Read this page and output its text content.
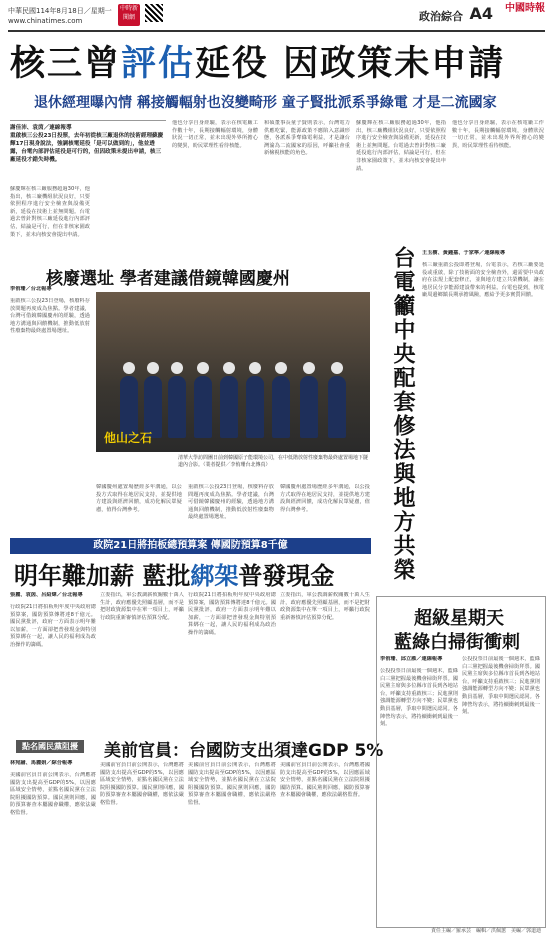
中華民國114年8月18日／星期一
www.chinatimes.com
中時新聞網	政治綜合 A4 中國時報
核三曾評估延役 因政策未申請
退休經理曝內情 稱接觸輻射也沒變畸形 童子賢批派系爭綠電 才是二流國家
謝佳沛、袁茵／連線報導
重啟核三公投23日投票，去年初從核三廠退休的技術經理蘇慶輝17日現身說法，強調核電延役「是可以做到的」，他並透露，台電內部評估延役是可行的，但因政策未提出申請，核三廠延役才錯失時機。
蘇慶輝在核三廠服務超過30年，他指出，核三廠機組狀況良好，只要依照程序進行安全檢查與設備更新，延役在技術上並無問題。台電過去曾針對核三廠延役進行內部評估，結論是可行，但在非核家園政策下，並未向核安會提出申請。
他也分享自身經驗，表示在核電廠工作數十年，長期接觸輻射環境，身體狀況一切正常，並未出現外界所擔心的變異，盼民眾理性看待核能。
和碩董事長童子賢則表示，台灣電力供應吃緊，能源政策不應陷入意識形態，各派系爭奪綠電利益，才是讓台灣淪為二流國家的原因，呼籲社會重新檢視核能的角色。
蘇慶輝在核三廠服務超過30年，他指出，核三廠機組狀況良好，只要依照程序進行安全檢查與設備更新，延役在技術上並無問題。台電過去曾針對核三廠延役進行內部評估，結論是可行，但在非核家園政策下，並未向核安會提出申請。
他也分享自身經驗，表示在核電廠工作數十年，長期接觸輻射環境，身體狀況一切正常，並未出現外界所擔心的變異，盼民眾理性看待核能。
核廢選址 學者建議借鏡韓國慶州
李侑珊／台北報導
重啟核三公投23日登場，核廢料存放問題再度成為焦點。學者建議，台灣可借鏡韓國慶州的經驗，透過地方溝通與回饋機制，推動低放射性廢棄物最終處置場選址。
他山之石
清華大學訪問團日前到韓國原子能環境公司，在中低階放射性廢棄物最終處置場地下隧道內合影。（業者提供／李侑珊台北傳真）
韓國慶州處置場歷經多年溝通，以公投方式取得在地居民支持，並提供地方建設與經濟回饋，成功化解民眾疑慮，值得台灣參考。
重啟核三公投23日登場，核廢料存放問題再度成為焦點。學者建議，台灣可借鏡韓國慶州的經驗，透過地方溝通與回饋機制，推動低放射性廢棄物最終處置場選址。
韓國慶州處置場歷經多年溝通，以公投方式取得在地居民支持，並提供地方建設與經濟回饋，成功化解民眾疑慮，值得台灣參考。	台電籲中央配套修法與地方共榮	王玉樹、黃鍾嘉、于家寧／連線報導
核三廠重啟公投即將登場，台電表示，若核三廠要延役或重啟，除了技術面的安全檢查外，還需要中央政府在法規上配套修正，並與地方建立共榮機制，讓在地居民分享能源建設帶來的利益。台電也提到，核電廠周邊鄉鎮長期承擔風險，應給予更多實質回饋。
政院21日將拍板總預算案 傳國防預算8千億
明年難加薪 藍批綁架普發現金
張麗、袁茵、呂紹煒／台北報導
行政院21日將拍板明年度中央政府總預算案，國防預算傳將達8千億元。國民黨批評，政府一方面表示明年難以加薪，一方面卻把普發現金與特別預算綁在一起，讓人民的福利成為政治操作的籌碼。
立委指出，軍公教調薪攸關數十萬人生計，政府應優先照顧基層，而不是把財政資源集中在單一項目上，呼籲行政院重新審慎評估預算分配。
行政院21日將拍板明年度中央政府總預算案，國防預算傳將達8千億元。國民黨批評，政府一方面表示明年難以加薪，一方面卻把普發現金與特別預算綁在一起，讓人民的福利成為政治操作的籌碼。
立委指出，軍公教調薪攸關數十萬人生計，政府應優先照顧基層，而不是把財政資源集中在單一項目上，呼籲行政院重新審慎評估預算分配。
點名國民黨阻擾	美前官員：台國防支出須達GDP 5%
林宛諭、馬麗娟／綜合報導
美國前官員日前公開表示，台灣應將國防支出提高至GDP的5%，以因應區域安全情勢，並點名國民黨在立法院阻擾國防預算。國民黨則回應，國防預算審查本屬國會職權，應依法嚴格監督。
美國前官員日前公開表示，台灣應將國防支出提高至GDP的5%，以因應區域安全情勢，並點名國民黨在立法院阻擾國防預算。國民黨則回應，國防預算審查本屬國會職權，應依法嚴格監督。
美國前官員日前公開表示，台灣應將國防支出提高至GDP的5%，以因應區域安全情勢，並點名國民黨在立法院阻擾國防預算。國民黨則回應，國防預算審查本屬國會職權，應依法嚴格監督。
美國前官員日前公開表示，台灣應將國防支出提高至GDP的5%，以因應區域安全情勢，並點名國民黨在立法院阻擾國防預算。國民黨則回應，國防預算審查本屬國會職權，應依法嚴格監督。
超級星期天
藍綠白掃街衝刺
李侑珊、邱立雁／連線報導
公投投票日前最後一個週末，藍綠白三黨把握最後機會掃街拜票。國民黨主席與多位縣市首長到各地站台，呼籲支持重啟核三；民進黨則強調能源轉型方向不變；民眾黨也動員基層，爭取中間選民認同。各陣營均表示，將持續衝刺到最後一刻。
公投投票日前最後一個週末，藍綠白三黨把握最後機會掃街拜票。國民黨主席與多位縣市首長到各地站台，呼籲支持重啟核三；民進黨則強調能源轉型方向不變；民眾黨也動員基層，爭取中間選民認同。各陣營均表示，將持續衝刺到最後一刻。
責任主編／羅承芸　編輯／洪佩蕙　美編／郭道迪
